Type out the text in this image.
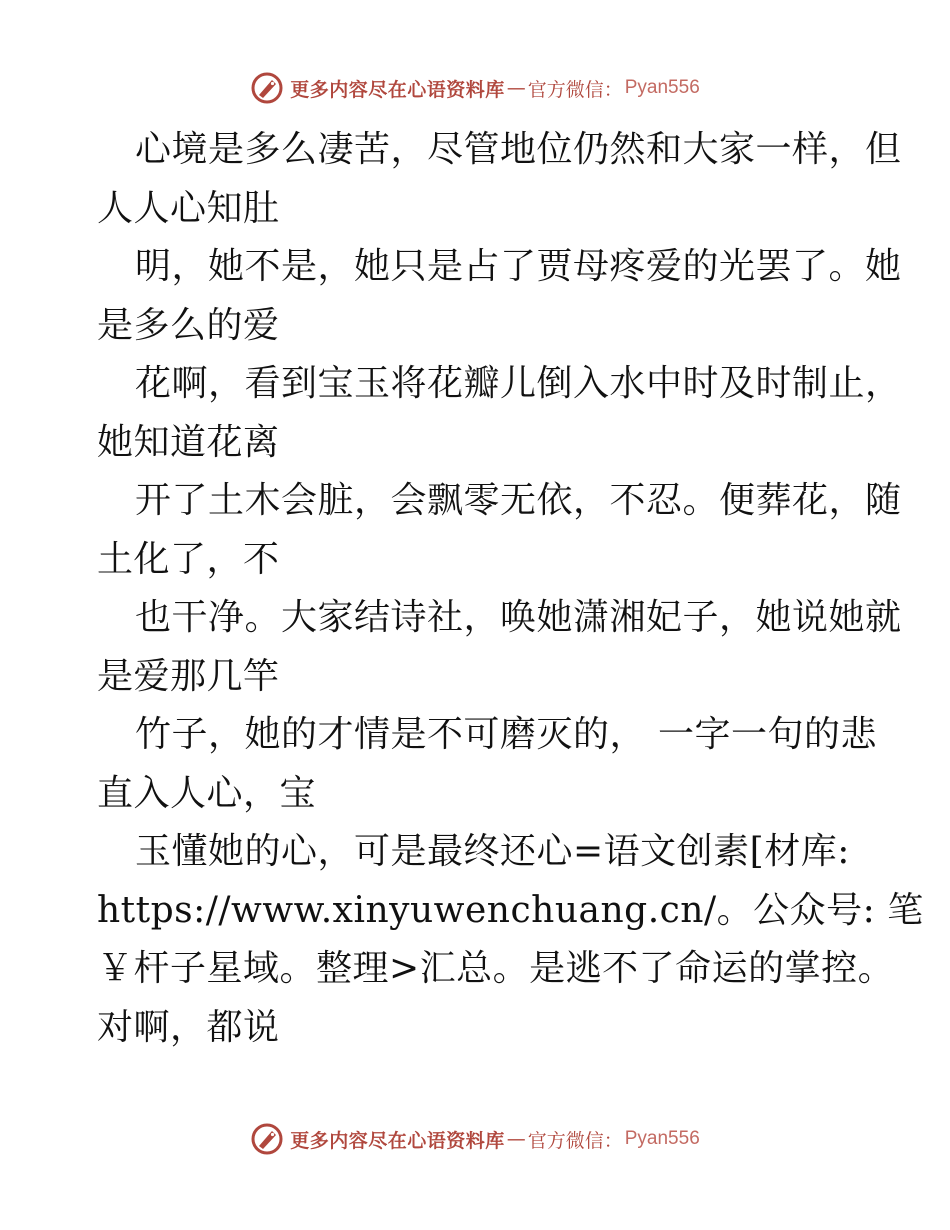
更多内容尽在心语资料库 — 官方微信： Pyan556
心境是多么凄苦，尽管地位仍然和大家一样，但
人人心知肚
明，她不是，她只是占了贾母疼爱的光罢了。她
是多么的爱
花啊，看到宝玉将花瓣儿倒入水中时及时制止，
她知道花离
开了土木会脏，会飘零无依，不忍。便葬花，随
土化了，不
也干净。大家结诗社，唤她潇湘妃子，她说她就
是爱那几竿
竹子，她的才情是不可磨灭的， 一字一句的悲
直入人心，宝
玉懂她的心，可是最终还心=语文创素[材库:
https://www.xinyuwenchuang.cn/。公众号: 笔
￥杆子星域。整理>汇总。是逃不了命运的掌控。
对啊，都说
更多内容尽在心语资料库 — 官方微信： Pyan556
